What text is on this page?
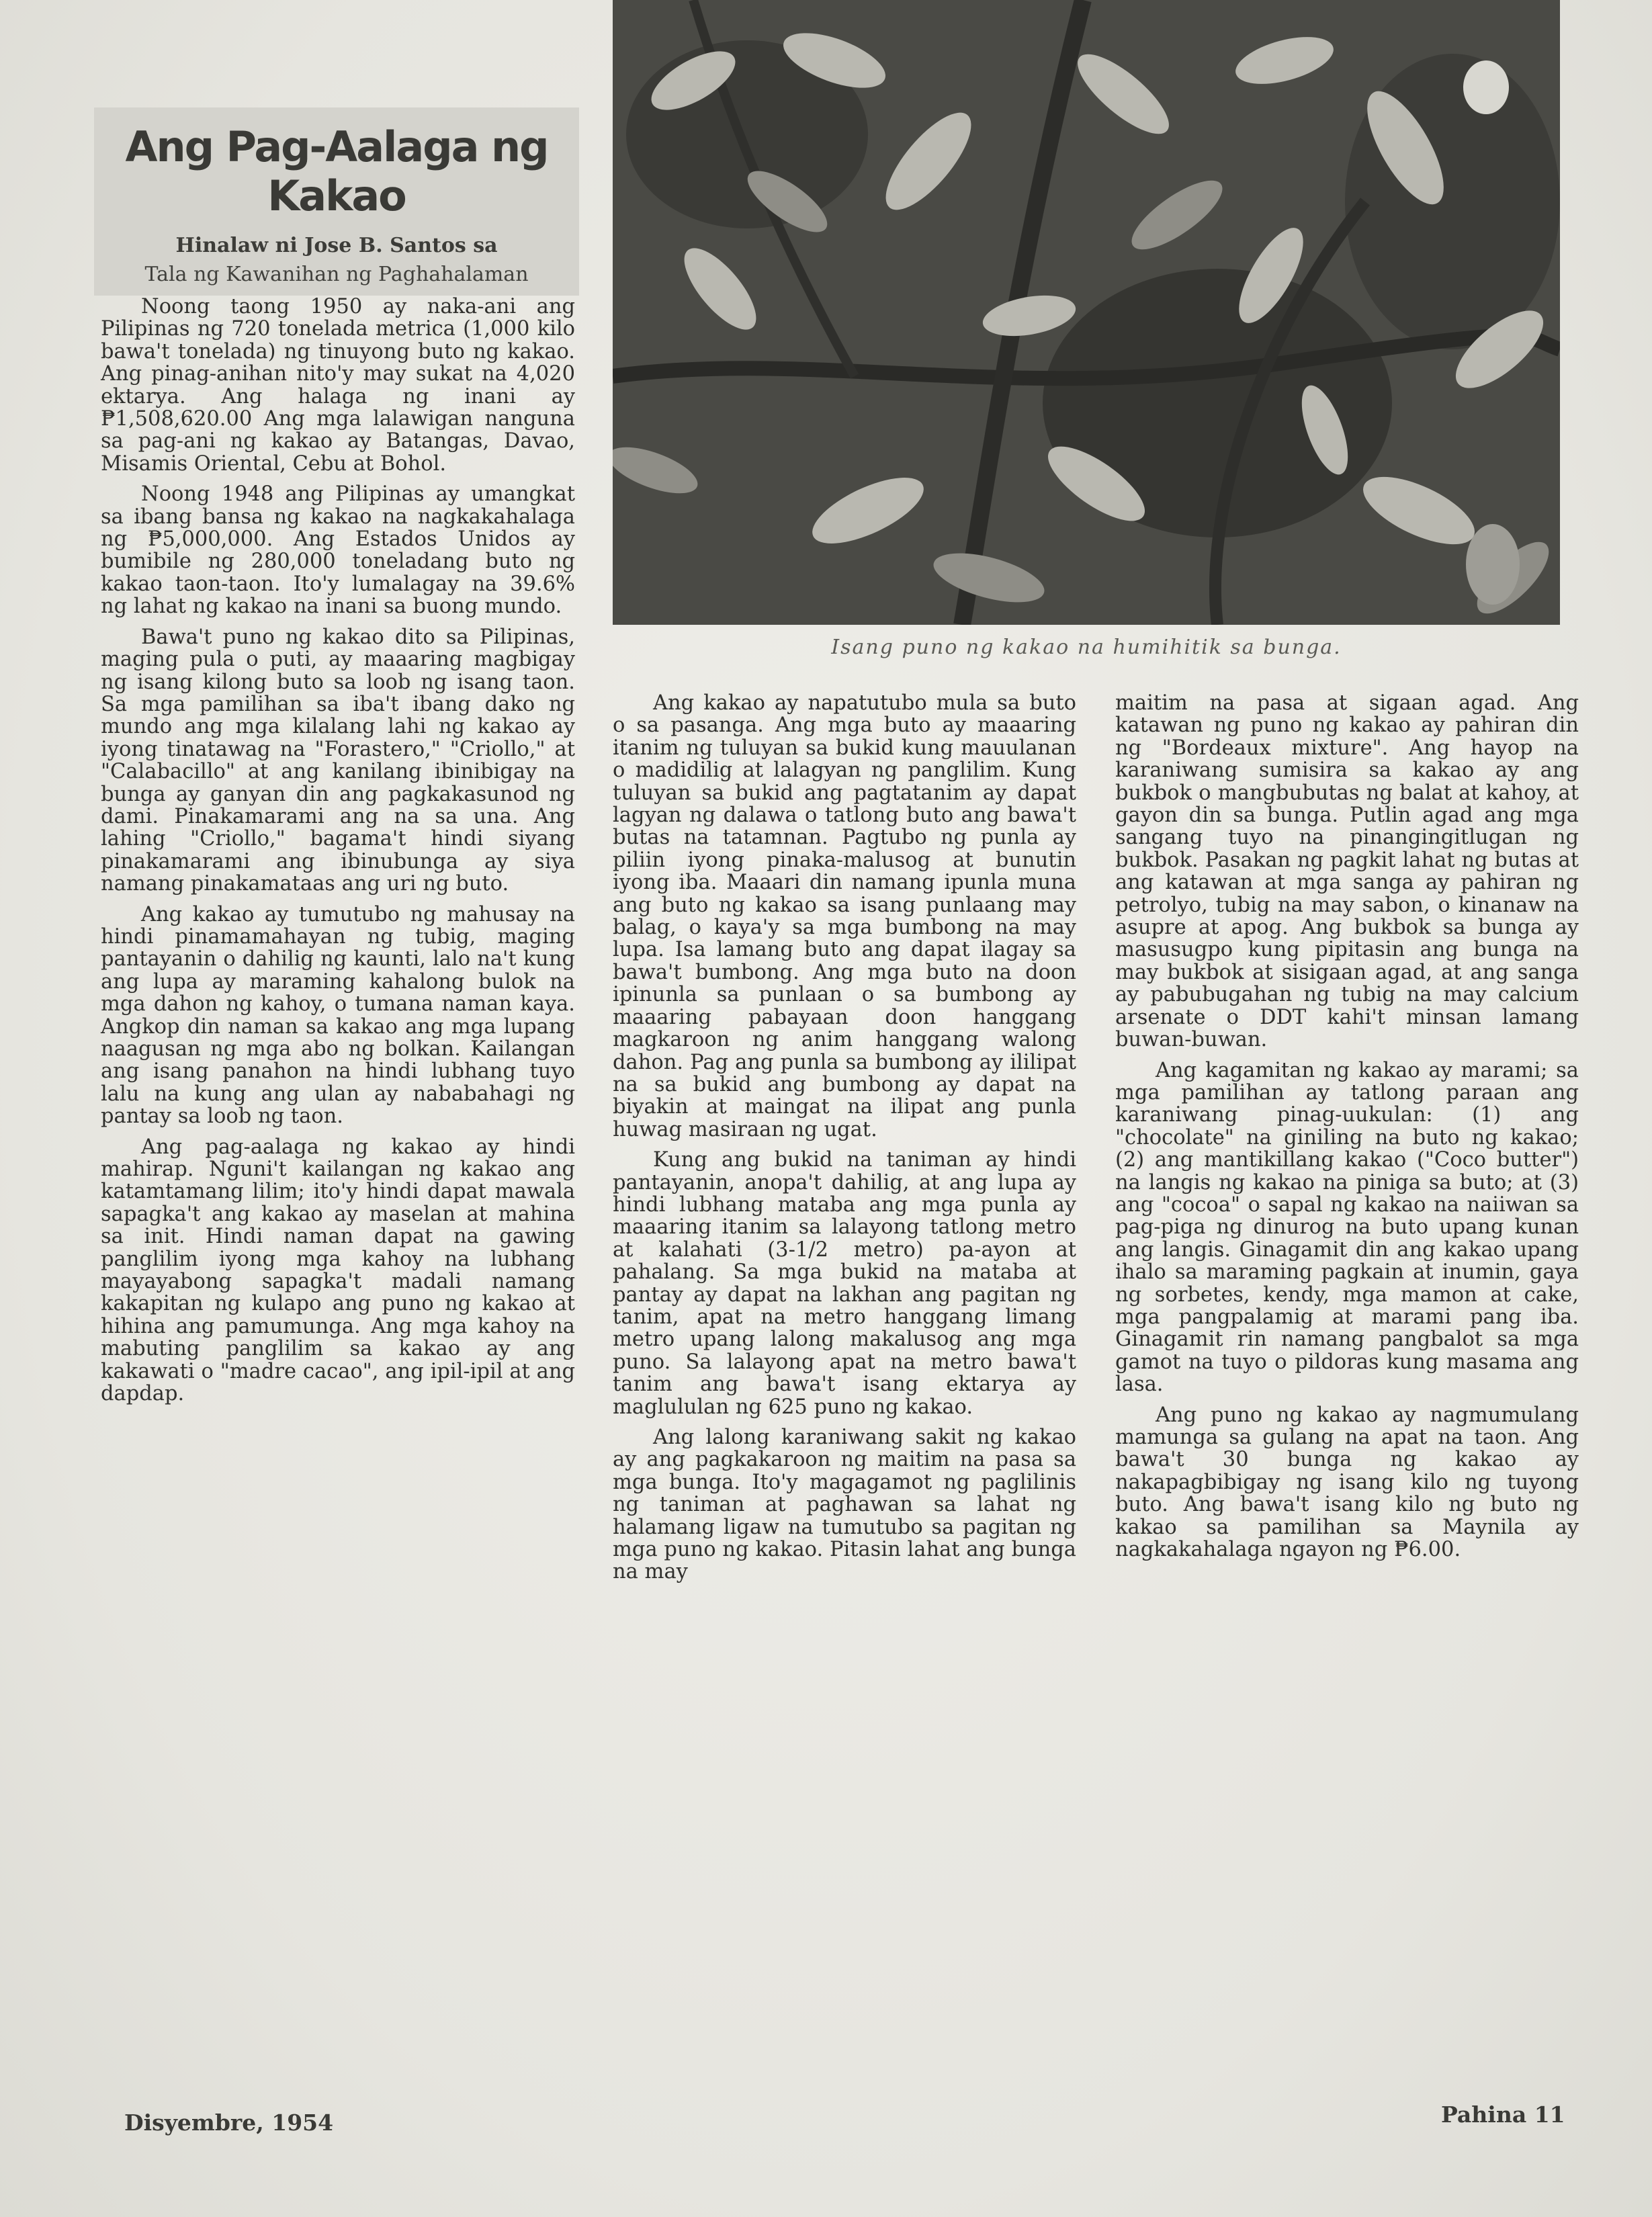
Ang Pag-Aalaga ng Kakao
Hinalaw ni Jose B. Santos sa
Tala ng Kawanihan ng Paghahalaman
Isang puno ng kakao na humihitik sa bunga.

Noong taong 1950 ay naka-ani ang Pilipinas ng 720 tonelada metrica (1,000 kilo bawa't tonelada) ng tinuyong buto ng kakao. Ang pinag-anihan nito'y may sukat na 4,020 ektarya. Ang halaga ng inani ay ₱1,508,620.00 Ang mga lalawigan nanguna sa pag-ani ng kakao ay Batangas, Davao, Misamis Oriental, Cebu at Bohol.

Noong 1948 ang Pilipinas ay umangkat sa ibang bansa ng kakao na nagkakahalaga ng ₱5,000,000. Ang Estados Unidos ay bumibile ng 280,000 toneladang buto ng kakao taon-taon. Ito'y lumalagay na 39.6% ng lahat ng kakao na inani sa buong mundo.

Bawa't puno ng kakao dito sa Pilipinas, maging pula o puti, ay maaaring magbigay ng isang kilong buto sa loob ng isang taon. Sa mga pamilihan sa iba't ibang dako ng mundo ang mga kilalang lahi ng kakao ay iyong tinatawag na "Forastero," "Criollo," at "Calabacillo" at ang kanilang ibinibigay na bunga ay ganyan din ang pagkakasunod ng dami. Pinakamarami ang na sa una. Ang lahing "Criollo," bagama't hindi siyang pinakamarami ang ibinubunga ay siya namang pinakamataas ang uri ng buto.

Ang kakao ay tumutubo ng mahusay na hindi pinamamahayan ng tubig, maging pantayanin o dahilig ng kaunti, lalo na't kung ang lupa ay maraming kahalong bulok na mga dahon ng kahoy, o tumana naman kaya. Angkop din naman sa kakao ang mga lupang naagusan ng mga abo ng bolkan. Kailangan ang isang panahon na hindi lubhang tuyo lalu na kung ang ulan ay nababahagi ng pantay sa loob ng taon.

Ang pag-aalaga ng kakao ay hindi mahirap. Nguni't kailangan ng kakao ang katamtamang lilim; ito'y hindi dapat mawala sapagka't ang kakao ay maselan at mahina sa init. Hindi naman dapat na gawing panglilim iyong mga kahoy na lubhang mayayabong sapagka't madali namang kakapitan ng kulapo ang puno ng kakao at hihina ang pamumunga. Ang mga kahoy na mabuting panglilim sa kakao ay ang kakawati o "madre cacao", ang ipil-ipil at ang dapdap.

Ang kakao ay napatutubo mula sa buto o sa pasanga. Ang mga buto ay maaaring itanim ng tuluyan sa bukid kung mauulanan o madidilig at lalagyan ng panglilim. Kung tuluyan sa bukid ang pagtatanim ay dapat lagyan ng dalawa o tatlong buto ang bawa't butas na tatamnan. Pagtubo ng punla ay piliin iyong pinaka-malusog at bunutin iyong iba. Maaari din namang ipunla muna ang buto ng kakao sa isang punlaang may balag, o kaya'y sa mga bumbong na may lupa. Isa lamang buto ang dapat ilagay sa bawa't bumbong. Ang mga buto na doon ipinunla sa punlaan o sa bumbong ay maaaring pabayaan doon hanggang magkaroon ng anim hanggang walong dahon. Pag ang punla sa bumbong ay ililipat na sa bukid ang bumbong ay dapat na biyakin at maingat na ilipat ang punla huwag masiraan ng ugat.

Kung ang bukid na taniman ay hindi pantayanin, anopa't dahilig, at ang lupa ay hindi lubhang mataba ang mga punla ay maaaring itanim sa lalayong tatlong metro at kalahati (3-1/2 metro) pa-ayon at pahalang. Sa mga bukid na mataba at pantay ay dapat na lakhan ang pagitan ng tanim, apat na metro hanggang limang metro upang lalong makalusog ang mga puno. Sa lalayong apat na metro bawa't tanim ang bawa't isang ektarya ay maglululan ng 625 puno ng kakao.

Ang lalong karaniwang sakit ng kakao ay ang pagkakaroon ng maitim na pasa sa mga bunga. Ito'y magagamot ng paglilinis ng taniman at paghawan sa lahat ng halamang ligaw na tumutubo sa pagitan ng mga puno ng kakao. Pitasin lahat ang bunga na may

maitim na pasa at sigaan agad. Ang katawan ng puno ng kakao ay pahiran din ng "Bordeaux mixture". Ang hayop na karaniwang sumisira sa kakao ay ang bukbok o mangbubutas ng balat at kahoy, at gayon din sa bunga. Putlin agad ang mga sangang tuyo na pinangingitlugan ng bukbok. Pasakan ng pagkit lahat ng butas at ang katawan at mga sanga ay pahiran ng petrolyo, tubig na may sabon, o kinanaw na asupre at apog. Ang bukbok sa bunga ay masusugpo kung pipitasin ang bunga na may bukbok at sisigaan agad, at ang sanga ay pabubugahan ng tubig na may calcium arsenate o DDT kahi't minsan lamang buwan-buwan.

Ang kagamitan ng kakao ay marami; sa mga pamilihan ay tatlong paraan ang karaniwang pinag-uukulan: (1) ang "chocolate" na giniling na buto ng kakao; (2) ang mantikillang kakao ("Coco butter") na langis ng kakao na piniga sa buto; at (3) ang "cocoa" o sapal ng kakao na naiiwan sa pag-piga ng dinurog na buto upang kunan ang langis. Ginagamit din ang kakao upang ihalo sa maraming pagkain at inumin, gaya ng sorbetes, kendy, mga mamon at cake, mga pangpalamig at marami pang iba. Ginagamit rin namang pangbalot sa mga gamot na tuyo o pildoras kung masama ang lasa.

Ang puno ng kakao ay nagmumulang mamunga sa gulang na apat na taon. Ang bawa't 30 bunga ng kakao ay nakapagbibigay ng isang kilo ng tuyong buto. Ang bawa't isang kilo ng buto ng kakao sa pamilihan sa Maynila ay nagkakahalaga ngayon ng ₱6.00.

Disyembre, 1954	Pahina 11
